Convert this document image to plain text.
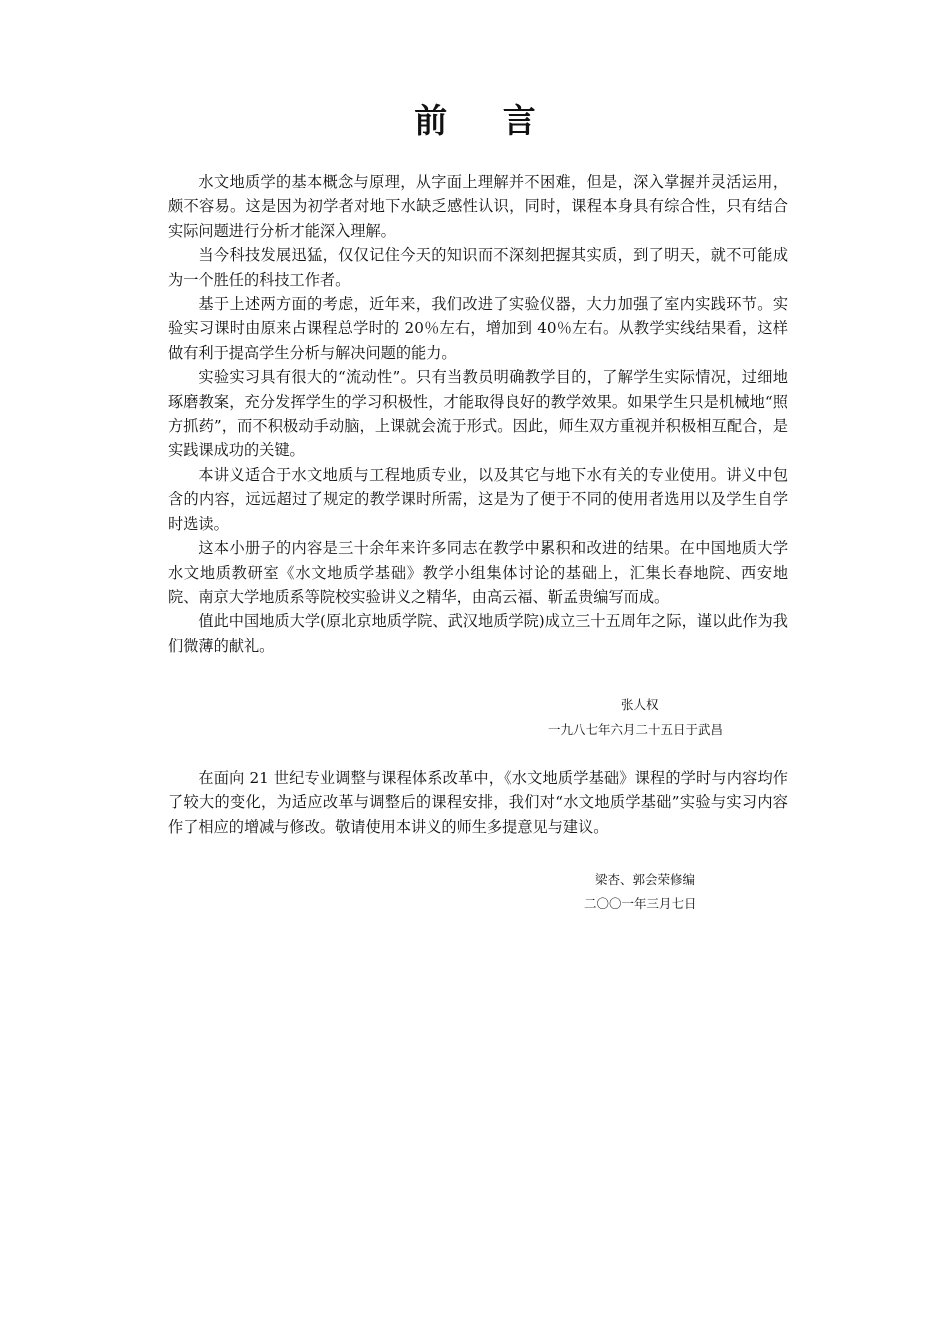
前 言

水文地质学的基本概念与原理，从字面上理解并不困难，但是，深入掌握并灵活运用，颇不容易。这是因为初学者对地下水缺乏感性认识，同时，课程本身具有综合性，只有结合实际问题进行分析才能深入理解。

当今科技发展迅猛，仅仅记住今天的知识而不深刻把握其实质，到了明天，就不可能成为一个胜任的科技工作者。

基于上述两方面的考虑，近年来，我们改进了实验仪器，大力加强了室内实践环节。实验实习课时由原来占课程总学时的 20％左右，增加到 40％左右。从教学实线结果看，这样做有利于提高学生分析与解决问题的能力。

实验实习具有很大的“流动性”。只有当教员明确教学目的，了解学生实际情况，过细地琢磨教案，充分发挥学生的学习积极性，才能取得良好的教学效果。如果学生只是机械地“照方抓药”，而不积极动手动脑，上课就会流于形式。因此，师生双方重视并积极相互配合，是实践课成功的关键。

本讲义适合于水文地质与工程地质专业，以及其它与地下水有关的专业使用。讲义中包含的内容，远远超过了规定的教学课时所需，这是为了便于不同的使用者选用以及学生自学时选读。

这本小册子的内容是三十余年来许多同志在教学中累积和改进的结果。在中国地质大学水文地质教研室《水文地质学基础》教学小组集体讨论的基础上，汇集长春地院、西安地院、南京大学地质系等院校实验讲义之精华，由高云福、靳孟贵编写而成。

值此中国地质大学(原北京地质学院、武汉地质学院)成立三十五周年之际，谨以此作为我们微薄的献礼。

张人权
一九八七年六月二十五日于武昌

在面向 21 世纪专业调整与课程体系改革中，《水文地质学基础》课程的学时与内容均作了较大的变化，为适应改革与调整后的课程安排，我们对“水文地质学基础”实验与实习内容作了相应的增减与修改。敬请使用本讲义的师生多提意见与建议。

梁杏、郭会荣修编
二〇〇一年三月七日
